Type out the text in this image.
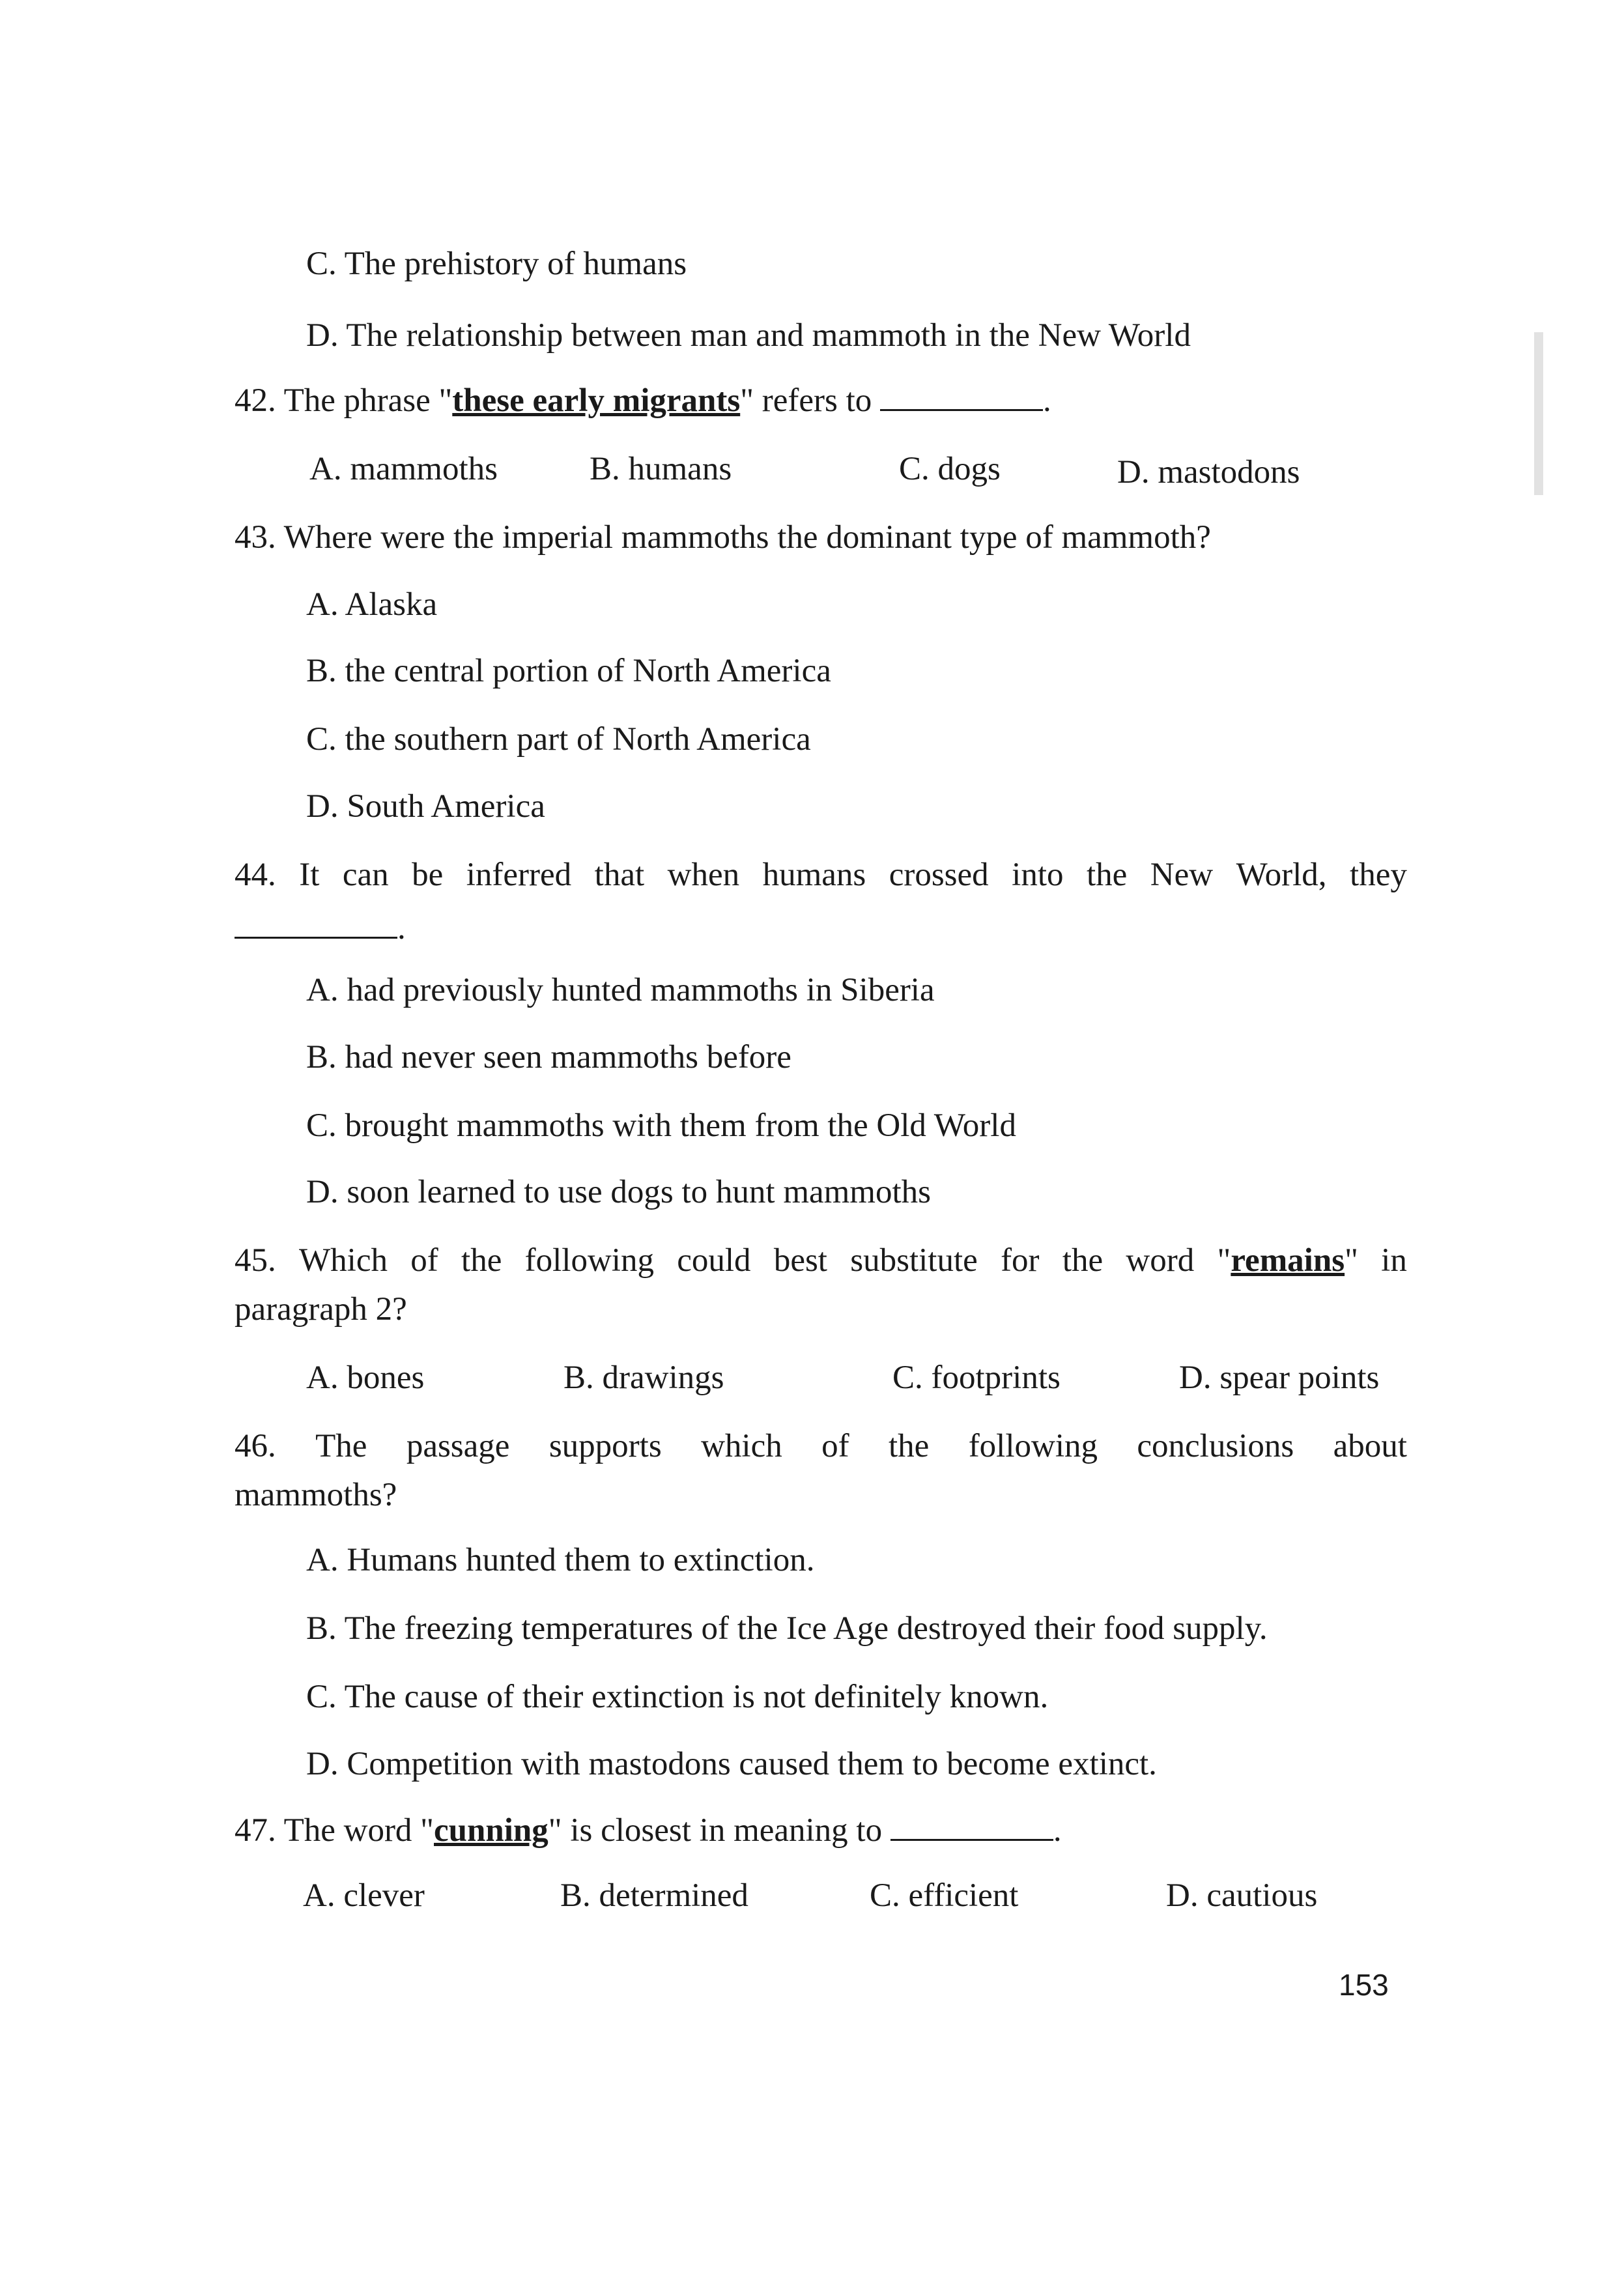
C. The prehistory of humans
D. The relationship between man and mammoth in the New World
42. The phrase "these early migrants" refers to	.
A. mammoths	B. humans	C. dogs	D. mastodons
43. Where were the imperial mammoths the dominant type of mammoth?
A. Alaska
B. the central portion of North America
C. the southern part of North America
D. South America
44. It can be inferred that when humans crossed into the New World, they
.
A. had previously hunted mammoths in Siberia
B. had never seen mammoths before
C. brought mammoths with them from the Old World
D. soon learned to use dogs to hunt mammoths
45. Which of the following could best substitute for the word "remains" in
paragraph 2?
A. bones	B. drawings	C. footprints	D. spear points
46. The passage supports which of the following conclusions about
mammoths?
A. Humans hunted them to extinction.
B. The freezing temperatures of the Ice Age destroyed their food supply.
C. The cause of their extinction is not definitely known.
D. Competition with mastodons caused them to become extinct.
47. The word "cunning" is closest in meaning to	.
A. clever	B. determined	C. efficient	D. cautious
153
